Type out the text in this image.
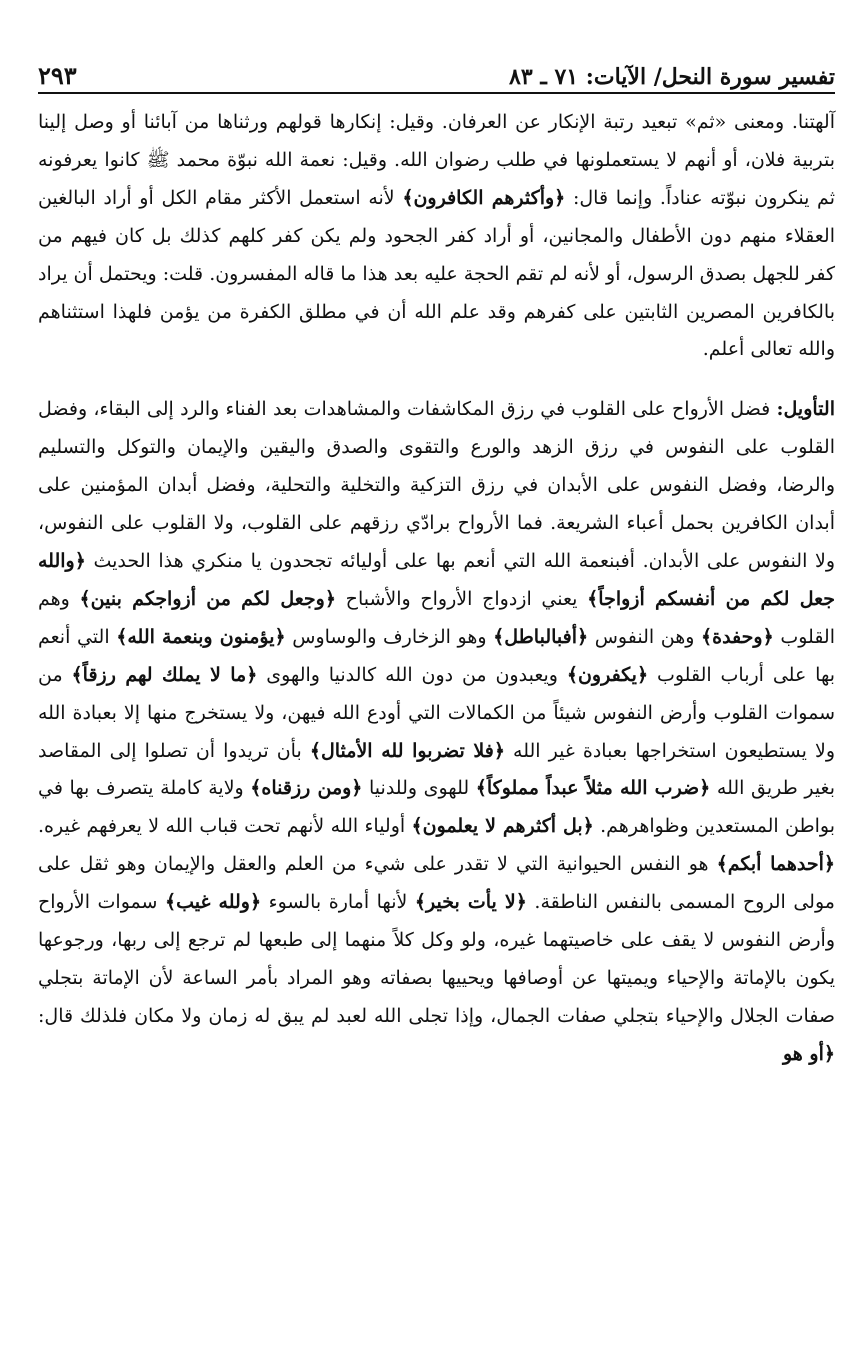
تفسير سورة النحل/ الآيات: ٧١ ـ ٨٣
٢٩٣

آلهتنا. ومعنى «ثم» تبعيد رتبة الإنكار عن العرفان. وقيل: إنكارها قولهم ورثناها من آبائنا أو وصل إلينا بتربية فلان، أو أنهم لا يستعملونها في طلب رضوان الله. وقيل: نعمة الله نبوّة محمد ﷺ كانوا يعرفونه ثم ينكرون نبوّته عناداً. وإنما قال: ﴿وأكثرهم الكافرون﴾ لأنه استعمل الأكثر مقام الكل أو أراد البالغين العقلاء منهم دون الأطفال والمجانين، أو أراد كفر الجحود ولم يكن كفر كلهم كذلك بل كان فيهم من كفر للجهل بصدق الرسول، أو لأنه لم تقم الحجة عليه بعد هذا ما قاله المفسرون. قلت: ويحتمل أن يراد بالكافرين المصرين الثابتين على كفرهم وقد علم الله أن في مطلق الكفرة من يؤمن فلهذا استثناهم والله تعالى أعلم.

التأويل: فضل الأرواح على القلوب في رزق المكاشفات والمشاهدات بعد الفناء والرد إلى البقاء، وفضل القلوب على النفوس في رزق الزهد والورع والتقوى والصدق واليقين والإيمان والتوكل والتسليم والرضا، وفضل النفوس على الأبدان في رزق التزكية والتخلية والتحلية، وفضل أبدان المؤمنين على أبدان الكافرين بحمل أعباء الشريعة. فما الأرواح برادّي رزقهم على القلوب، ولا القلوب على النفوس، ولا النفوس على الأبدان. أفبنعمة الله التي أنعم بها على أوليائه تجحدون يا منكري هذا الحديث ﴿والله جعل لكم من أنفسكم أزواجاً﴾ يعني ازدواج الأرواح والأشباح ﴿وجعل لكم من أزواجكم بنين﴾ وهم القلوب ﴿وحفدة﴾ وهن النفوس ﴿أفبالباطل﴾ وهو الزخارف والوساوس ﴿يؤمنون وبنعمة الله﴾ التي أنعم بها على أرباب القلوب ﴿يكفرون﴾ ويعبدون من دون الله كالدنيا والهوى ﴿ما لا يملك لهم رزقاً﴾ من سموات القلوب وأرض النفوس شيئاً من الكمالات التي أودع الله فيهن، ولا يستخرج منها إلا بعبادة الله ولا يستطيعون استخراجها بعبادة غير الله ﴿فلا تضربوا لله الأمثال﴾ بأن تريدوا أن تصلوا إلى المقاصد بغير طريق الله ﴿ضرب الله مثلاً عبداً مملوكاً﴾ للهوى وللدنيا ﴿ومن رزقناه﴾ ولاية كاملة يتصرف بها في بواطن المستعدين وظواهرهم. ﴿بل أكثرهم لا يعلمون﴾ أولياء الله لأنهم تحت قباب الله لا يعرفهم غيره. ﴿أحدهما أبكم﴾ هو النفس الحيوانية التي لا تقدر على شيء من العلم والعقل والإيمان وهو ثقل على مولى الروح المسمى بالنفس الناطقة. ﴿لا يأت بخير﴾ لأنها أمارة بالسوء ﴿ولله غيب﴾ سموات الأرواح وأرض النفوس لا يقف على خاصيتهما غيره، ولو وكل كلاً منهما إلى طبعها لم ترجع إلى ربها، ورجوعها يكون بالإماتة والإحياء ويميتها عن أوصافها ويحييها بصفاته وهو المراد بأمر الساعة لأن الإماتة بتجلي صفات الجلال والإحياء بتجلي صفات الجمال، وإذا تجلى الله لعبد لم يبق له زمان ولا مكان فلذلك قال: ﴿أو هو
